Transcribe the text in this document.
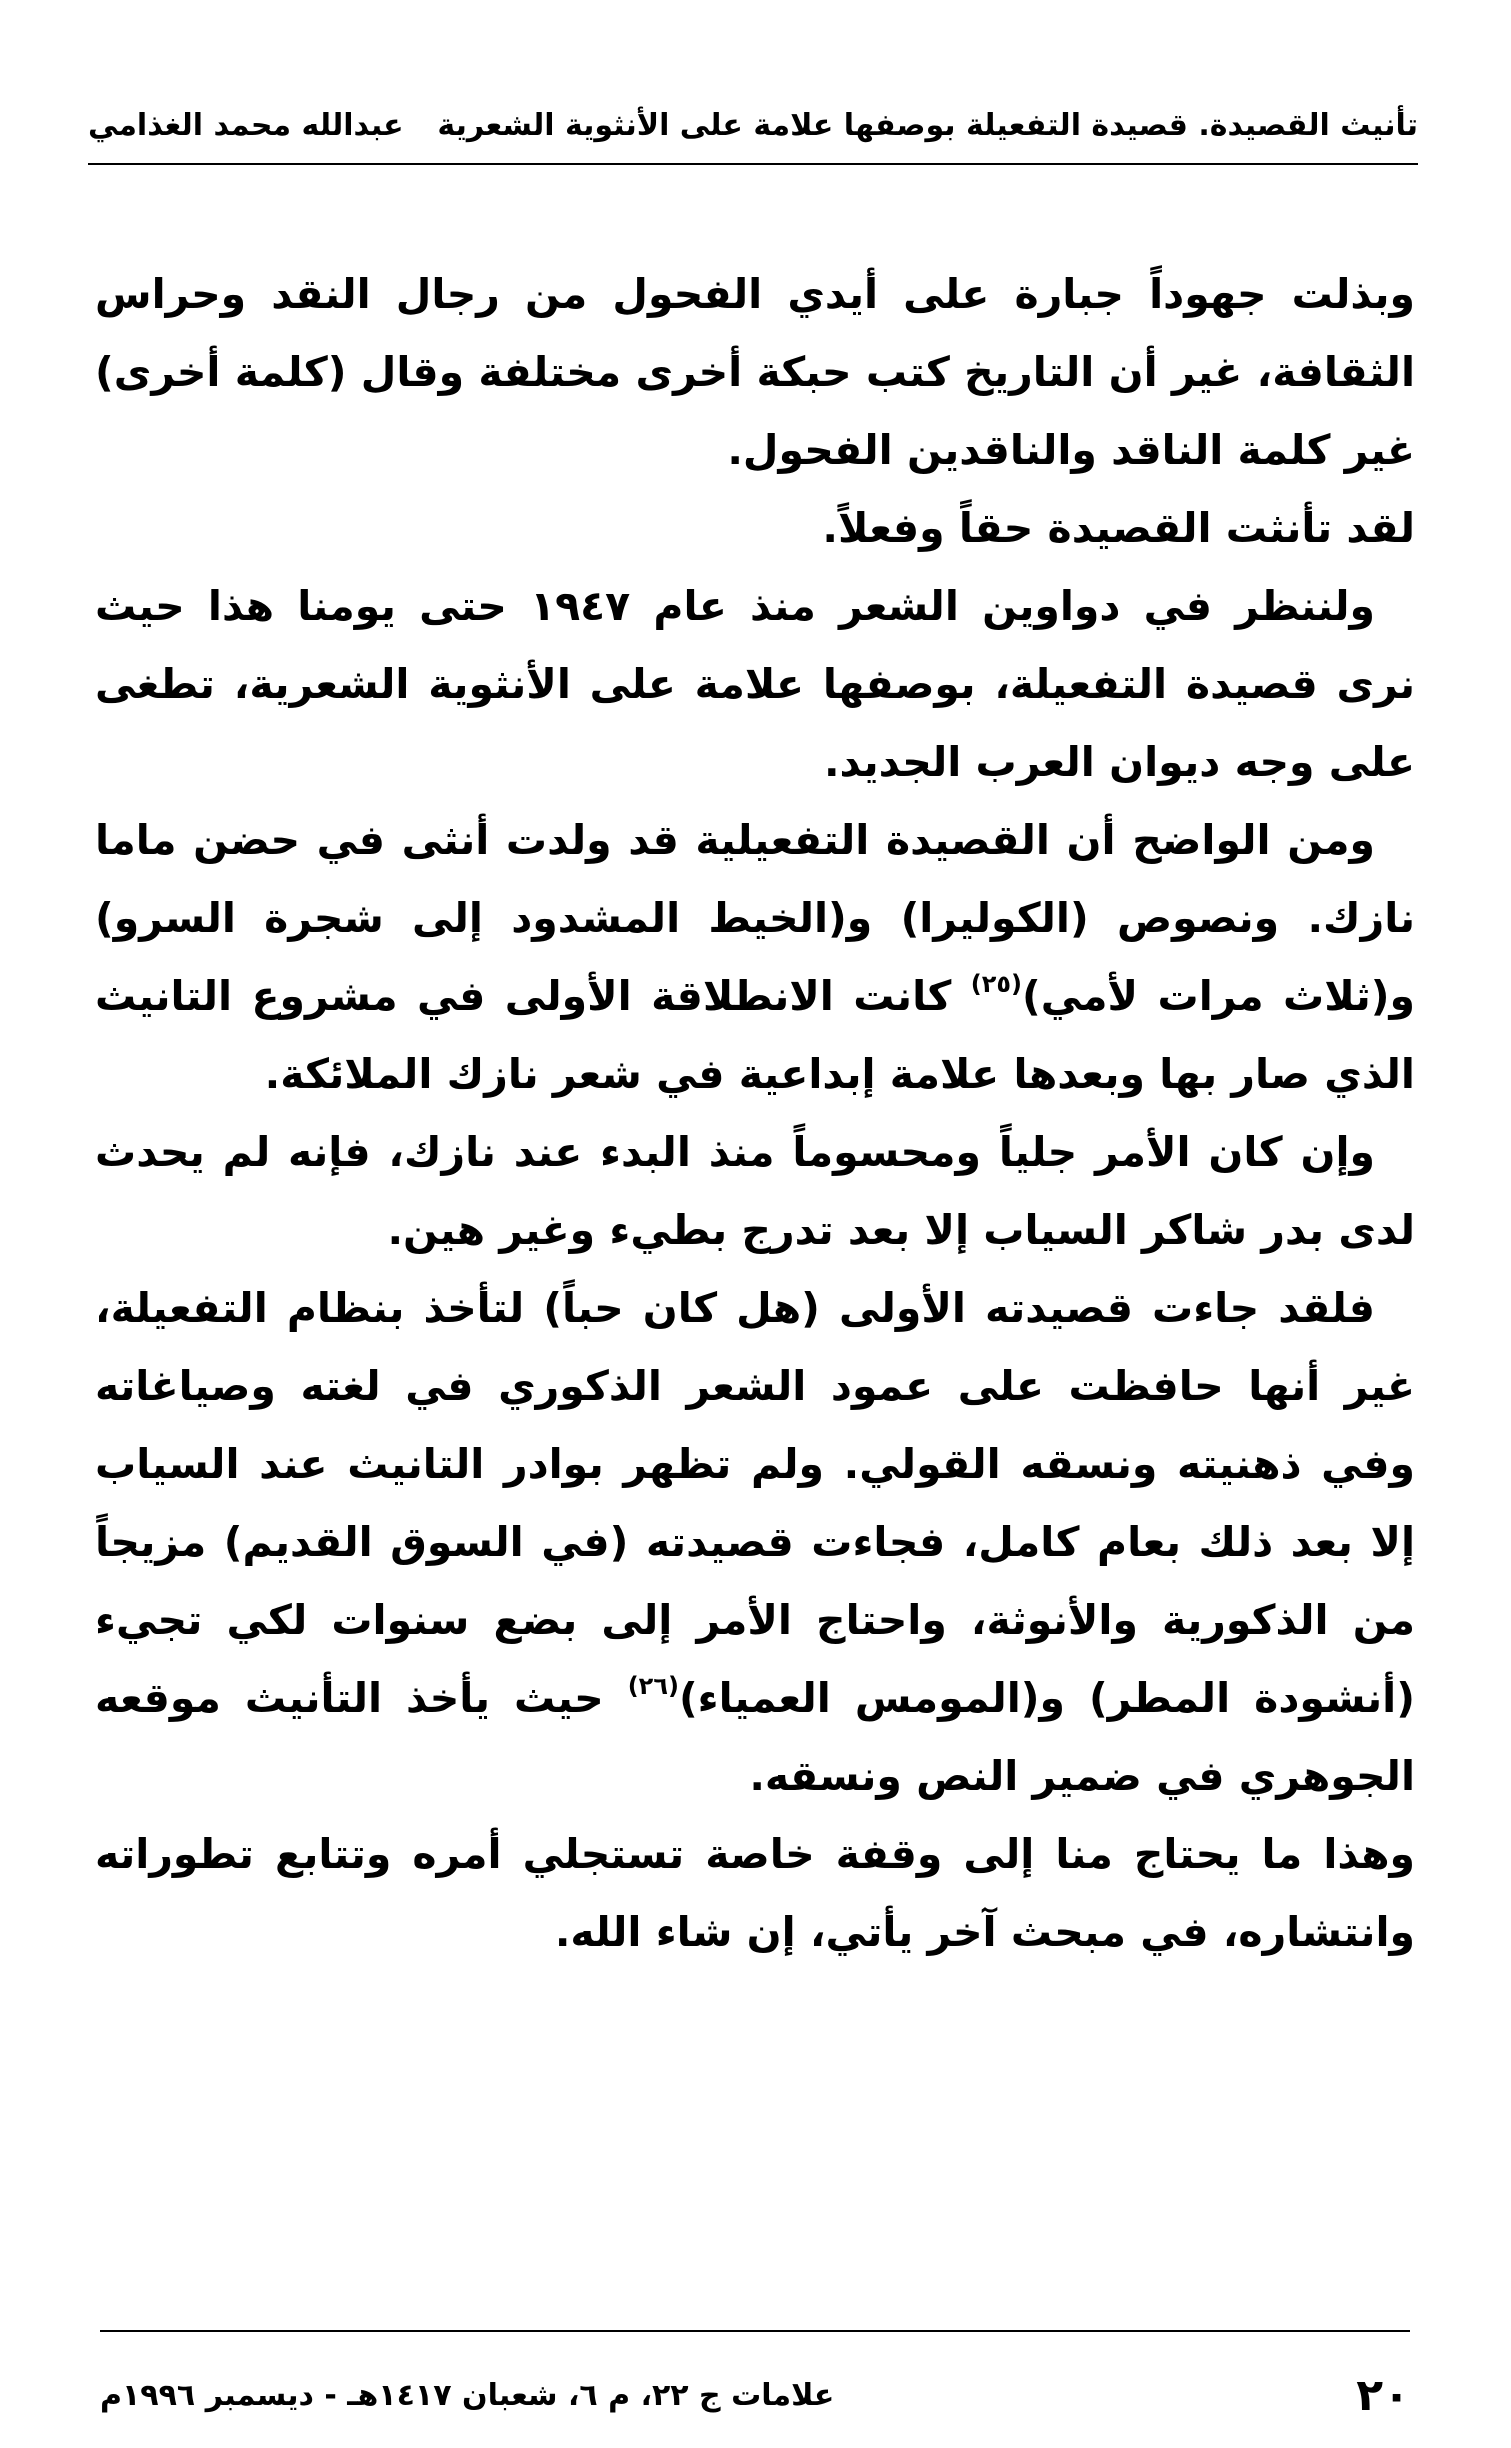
تأنيث القصيدة. قصيدة التفعيلة بوصفها علامة على الأنثوية الشعرية
عبدالله محمد الغذامي

وبذلت جهوداً جبارة على أيدي الفحول من رجال النقد وحراس الثقافة، غير أن التاريخ كتب حبكة أخرى مختلفة وقال (كلمة أخرى) غير كلمة الناقد والناقدين الفحول.

لقد تأنثت القصيدة حقاً وفعلاً.

ولننظر في دواوين الشعر منذ عام ١٩٤٧ حتى يومنا هذا حيث نرى قصيدة التفعيلة، بوصفها علامة على الأنثوية الشعرية، تطغى على وجه ديوان العرب الجديد.

ومن الواضح أن القصيدة التفعيلية قد ولدت أنثى في حضن ماما نازك. ونصوص (الكوليرا) و(الخيط المشدود إلى شجرة السرو) و(ثلاث مرات لأمي)$^{(٢٥)}$ كانت الانطلاقة الأولى في مشروع التانيث الذي صار بها وبعدها علامة إبداعية في شعر نازك الملائكة.

وإن كان الأمر جلياً ومحسوماً منذ البدء عند نازك، فإنه لم يحدث لدى بدر شاكر السياب إلا بعد تدرج بطيء وغير هين.

فلقد جاءت قصيدته الأولى (هل كان حباً) لتأخذ بنظام التفعيلة، غير أنها حافظت على عمود الشعر الذكوري في لغته وصياغاته وفي ذهنيته ونسقه القولي. ولم تظهر بوادر التانيث عند السياب إلا بعد ذلك بعام كامل، فجاءت قصيدته (في السوق القديم) مزيجاً من الذكورية والأنوثة، واحتاج الأمر إلى بضع سنوات لكي تجيء (أنشودة المطر) و(المومس العمياء)$^{(٢٦)}$ حيث يأخذ التأنيث موقعه الجوهري في ضمير النص ونسقه.

وهذا ما يحتاج منا إلى وقفة خاصة تستجلي أمره وتتابع تطوراته وانتشاره، في مبحث آخر يأتي، إن شاء الله.

٢٠
علامات ج ٢٢، م ٦، شعبان ١٤١٧هـ - ديسمبر ١٩٩٦م
